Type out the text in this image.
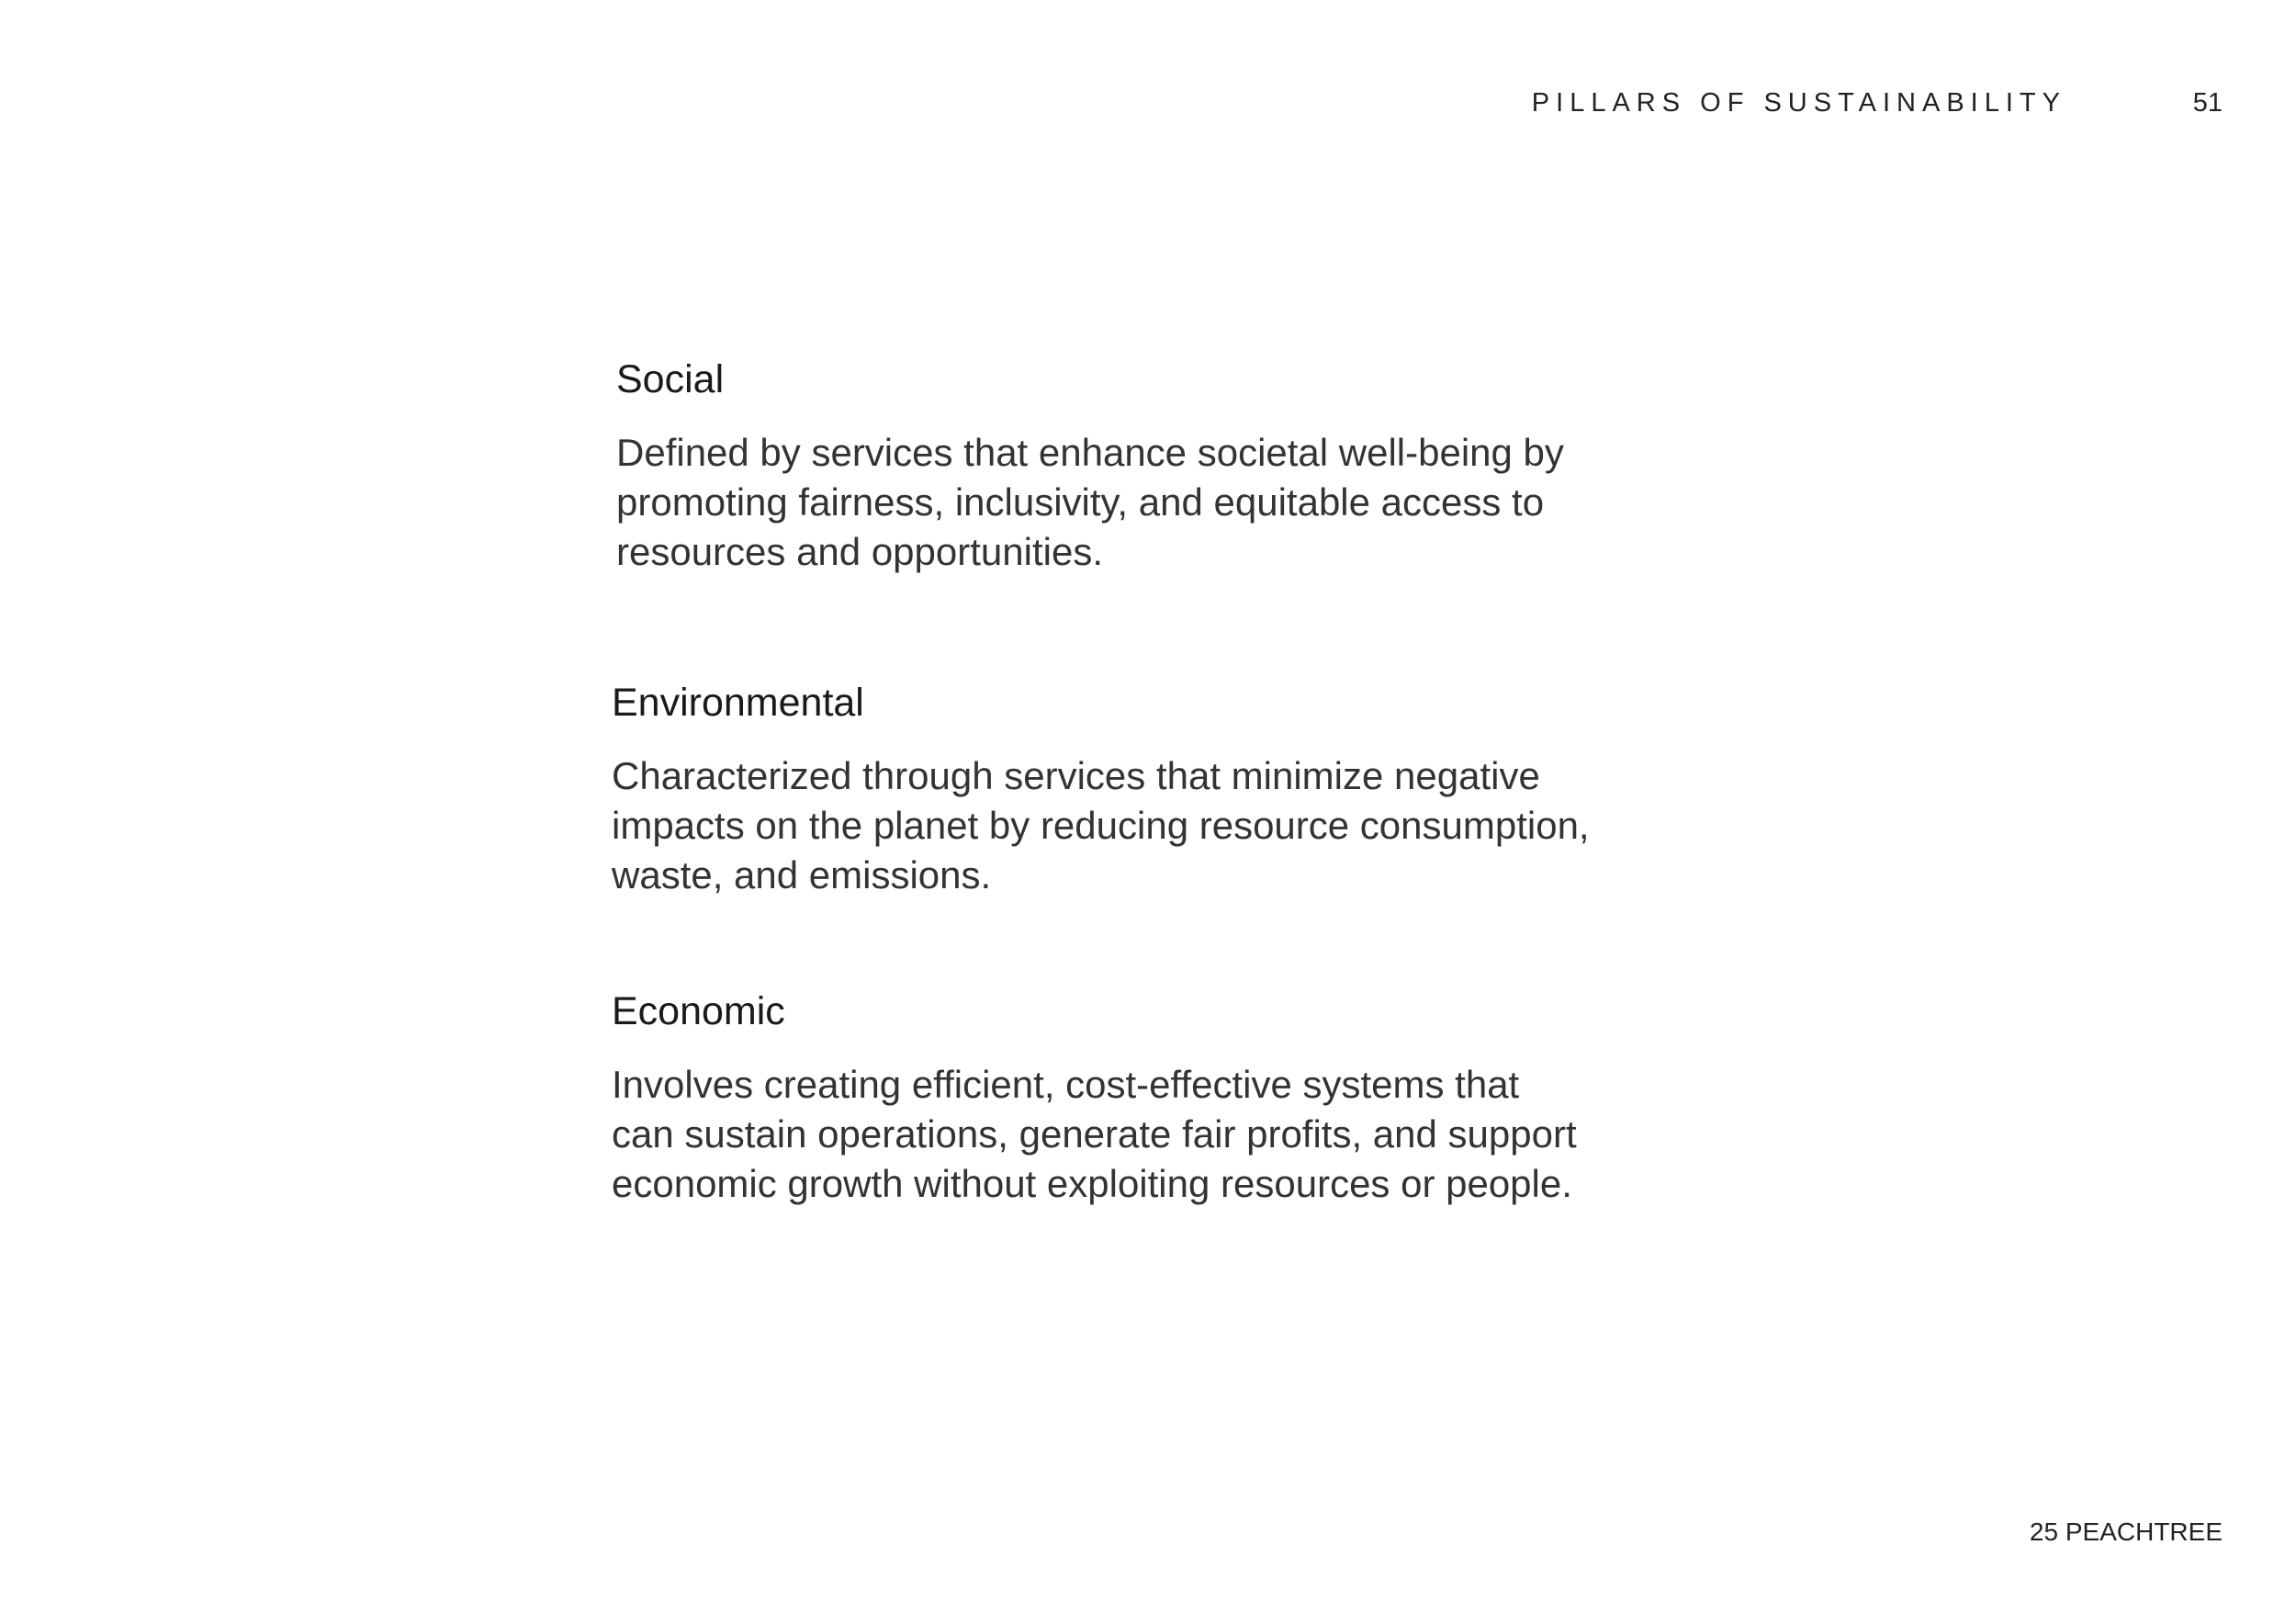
PILLARS OF SUSTAINABILITY	51
Social

Defined by services that enhance societal well-being by
promoting fairness, inclusivity, and equitable access to
resources and opportunities.

Environmental

Characterized through services that minimize negative
impacts on the planet by reducing resource consumption,
waste, and emissions.

Economic

Involves creating efficient, cost-effective systems that
can sustain operations, generate fair profits, and support
economic growth without exploiting resources or people.

25 PEACHTREE
